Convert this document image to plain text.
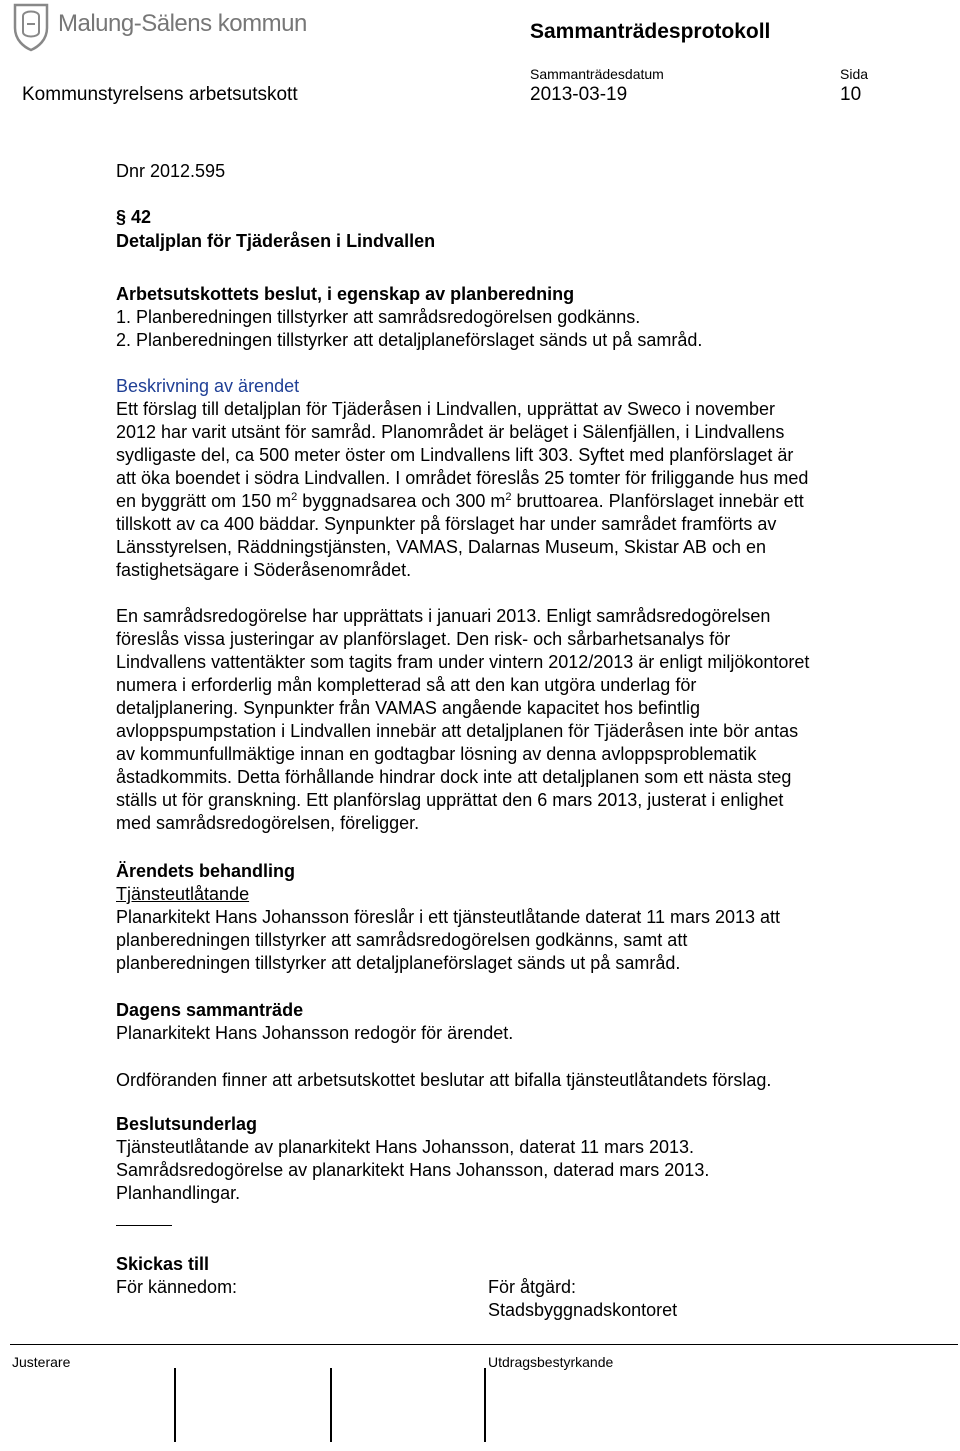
Malung-Sälens kommun	Sammanträdesprotokoll
Sammanträdesdatum	Sida
Kommunstyrelsens arbetsutskott	2013-03-19	10
Dnr 2012.595
§ 42
Detaljplan för Tjäderåsen i Lindvallen
Arbetsutskottets beslut, i egenskap av planberedning
1. Planberedningen tillstyrker att samrådsredogörelsen godkänns.
2. Planberedningen tillstyrker att detaljplaneförslaget sänds ut på samråd.
Beskrivning av ärendet
Ett förslag till detaljplan för Tjäderåsen i Lindvallen, upprättat av Sweco i november
2012 har varit utsänt för samråd. Planområdet är beläget i Sälenfjällen, i Lindvallens
sydligaste del, ca 500 meter öster om Lindvallens lift 303. Syftet med planförslaget är
att öka boendet i södra Lindvallen. I området föreslås 25 tomter för friliggande hus med
en byggrätt om 150 $m^2$ byggnadsarea och 300 $m^2$ bruttoarea. Planförslaget innebär ett
tillskott av ca 400 bäddar. Synpunkter på förslaget har under samrådet framförts av
Länsstyrelsen, Räddningstjänsten, VAMAS, Dalarnas Museum, Skistar AB och en
fastighetsägare i Söderåsenområdet.
En samrådsredogörelse har upprättats i januari 2013. Enligt samrådsredogörelsen
föreslås vissa justeringar av planförslaget. Den risk- och sårbarhetsanalys för
Lindvallens vattentäkter som tagits fram under vintern 2012/2013 är enligt miljökontoret
numera i erforderlig mån kompletterad så att den kan utgöra underlag för
detaljplanering. Synpunkter från VAMAS angående kapacitet hos befintlig
avloppspumpstation i Lindvallen innebär att detaljplanen för Tjäderåsen inte bör antas
av kommunfullmäktige innan en godtagbar lösning av denna avloppsproblematik
åstadkommits. Detta förhållande hindrar dock inte att detaljplanen som ett nästa steg
ställs ut för granskning. Ett planförslag upprättat den 6 mars 2013, justerat i enlighet
med samrådsredogörelsen, föreligger.
Ärendets behandling
Tjänsteutlåtande
Planarkitekt Hans Johansson föreslår i ett tjänsteutlåtande daterat 11 mars 2013 att
planberedningen tillstyrker att samrådsredogörelsen godkänns, samt att
planberedningen tillstyrker att detaljplaneförslaget sänds ut på samråd.
Dagens sammanträde
Planarkitekt Hans Johansson redogör för ärendet.
Ordföranden finner att arbetsutskottet beslutar att bifalla tjänsteutlåtandets förslag.
Beslutsunderlag
Tjänsteutlåtande av planarkitekt Hans Johansson, daterat 11 mars 2013.
Samrådsredogörelse av planarkitekt Hans Johansson, daterad mars 2013.
Planhandlingar.
Skickas till
För kännedom:	För åtgärd:
Stadsbyggnadskontoret
Justerare	Utdragsbestyrkande
